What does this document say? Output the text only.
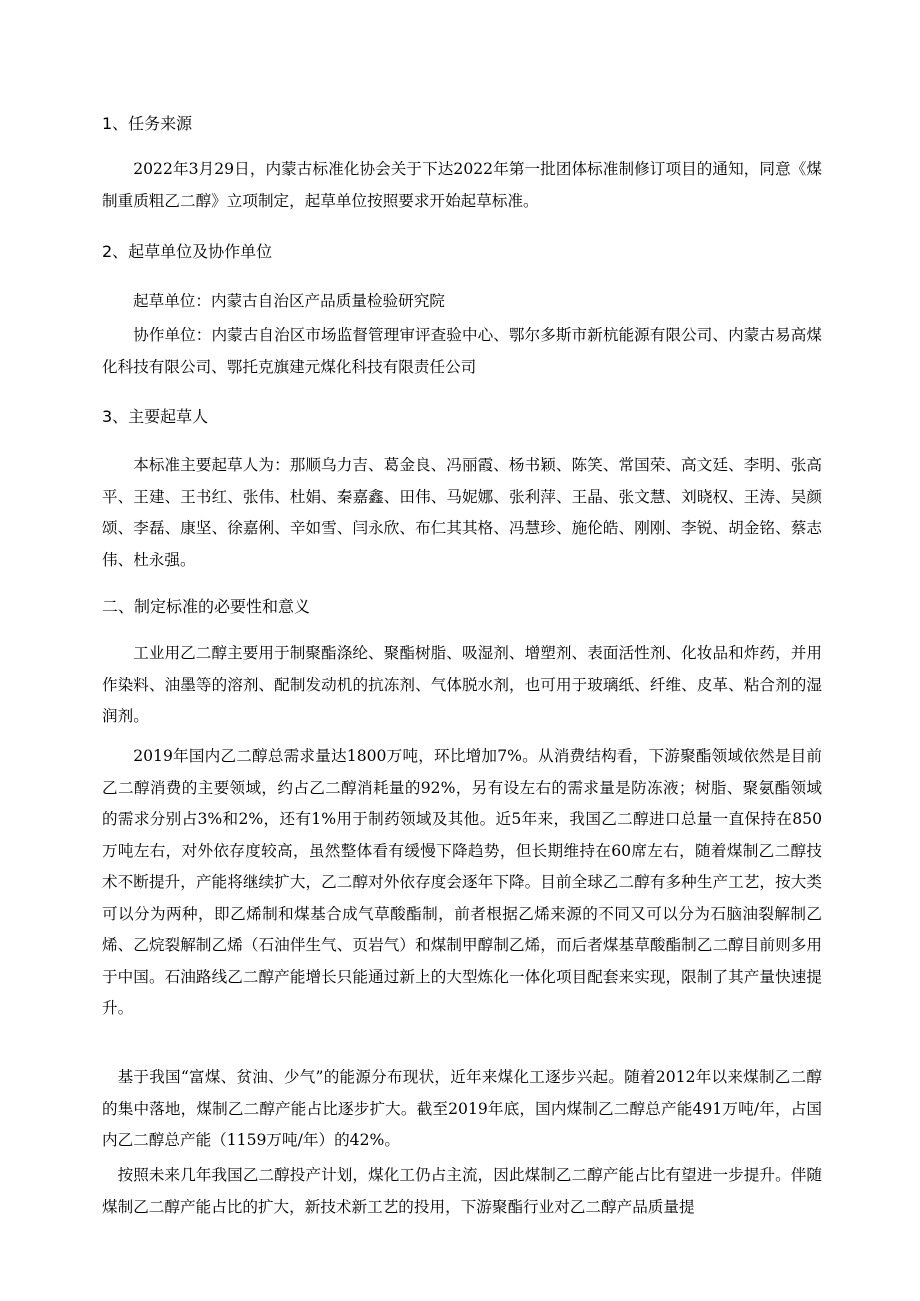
1、任务来源
2022年3月29日，内蒙古标准化协会关于下达2022年第一批团体标准制修订项目的通知，同意《煤制重质粗乙二醇》立项制定，起草单位按照要求开始起草标准。
2、起草单位及协作单位
起草单位：内蒙古自治区产品质量检验研究院
协作单位：内蒙古自治区市场监督管理审评查验中心、鄂尔多斯市新杭能源有限公司、内蒙古易高煤化科技有限公司、鄂托克旗建元煤化科技有限责任公司
3、主要起草人
本标准主要起草人为：那顺乌力吉、葛金良、冯丽霞、杨书颖、陈笑、常国荣、高文廷、李明、张高平、王建、王书红、张伟、杜娟、秦嘉鑫、田伟、马妮娜、张利萍、王晶、张文慧、刘晓权、王涛、吴颜颂、李磊、康坚、徐嘉俐、辛如雪、闫永欣、布仁其其格、冯慧珍、施伦皓、刚刚、李锐、胡金铭、蔡志伟、杜永强。
二、制定标准的必要性和意义
工业用乙二醇主要用于制聚酯涤纶、聚酯树脂、吸湿剂、增塑剂、表面活性剂、化妆品和炸药，并用作染料、油墨等的溶剂、配制发动机的抗冻剂、气体脱水剂，也可用于玻璃纸、纤维、皮革、粘合剂的湿润剂。
2019年国内乙二醇总需求量达1800万吨，环比增加7%。从消费结构看，下游聚酯领域依然是目前乙二醇消费的主要领域，约占乙二醇消耗量的92%，另有设左右的需求量是防冻液；树脂、聚氨酯领域的需求分别占3%和2%，还有1%用于制药领域及其他。近5年来，我国乙二醇进口总量一直保持在850万吨左右，对外依存度较高，虽然整体看有缓慢下降趋势，但长期维持在60席左右，随着煤制乙二醇技术不断提升，产能将继续扩大，乙二醇对外依存度会逐年下降。目前全球乙二醇有多种生产工艺，按大类可以分为两种，即乙烯制和煤基合成气草酸酯制，前者根据乙烯来源的不同又可以分为石脑油裂解制乙烯、乙烷裂解制乙烯（石油伴生气、页岩气）和煤制甲醇制乙烯，而后者煤基草酸酯制乙二醇目前则多用于中国。石油路线乙二醇产能增长只能通过新上的大型炼化一体化项目配套来实现，限制了其产量快速提升。
基于我国“富煤、贫油、少气”的能源分布现状，近年来煤化工逐步兴起。随着2012年以来煤制乙二醇的集中落地，煤制乙二醇产能占比逐步扩大。截至2019年底，国内煤制乙二醇总产能491万吨/年，占国内乙二醇总产能（1159万吨/年）的42%。
按照未来几年我国乙二醇投产计划，煤化工仍占主流，因此煤制乙二醇产能占比有望进一步提升。伴随煤制乙二醇产能占比的扩大，新技术新工艺的投用，下游聚酯行业对乙二醇产品质量提
